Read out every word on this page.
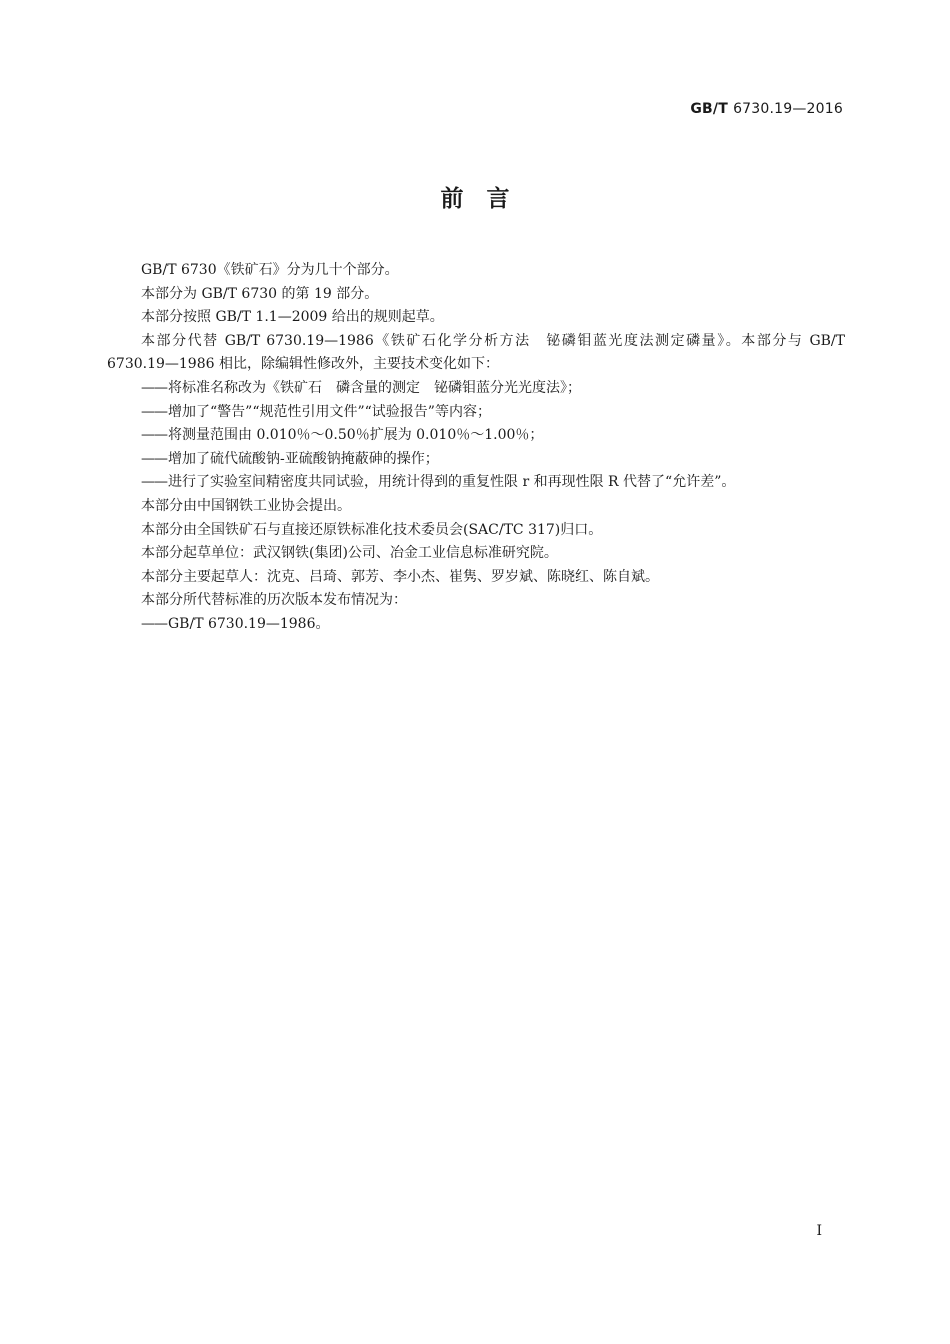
GB/T 6730.19—2016
前　言

GB/T 6730《铁矿石》分为几十个部分。

本部分为 GB/T 6730 的第 19 部分。

本部分按照 GB/T 1.1—2009 给出的规则起草。

本部分代替 GB/T 6730.19—1986《铁矿石化学分析方法　铋磷钼蓝光度法测定磷量》。本部分与 GB/T 6730.19—1986 相比，除编辑性修改外，主要技术变化如下：

——将标准名称改为《铁矿石　磷含量的测定　铋磷钼蓝分光光度法》；

——增加了“警告”“规范性引用文件”“试验报告”等内容；

——将测量范围由 0.010％～0.50％扩展为 0.010％～1.00％；

——增加了硫代硫酸钠-亚硫酸钠掩蔽砷的操作；

——进行了实验室间精密度共同试验，用统计得到的重复性限 r 和再现性限 R 代替了“允许差”。

本部分由中国钢铁工业协会提出。

本部分由全国铁矿石与直接还原铁标准化技术委员会(SAC/TC 317)归口。

本部分起草单位：武汉钢铁(集团)公司、冶金工业信息标准研究院。

本部分主要起草人：沈克、吕琦、郭芳、李小杰、崔隽、罗岁斌、陈晓红、陈自斌。

本部分所代替标准的历次版本发布情况为：

——GB/T 6730.19—1986。

I
